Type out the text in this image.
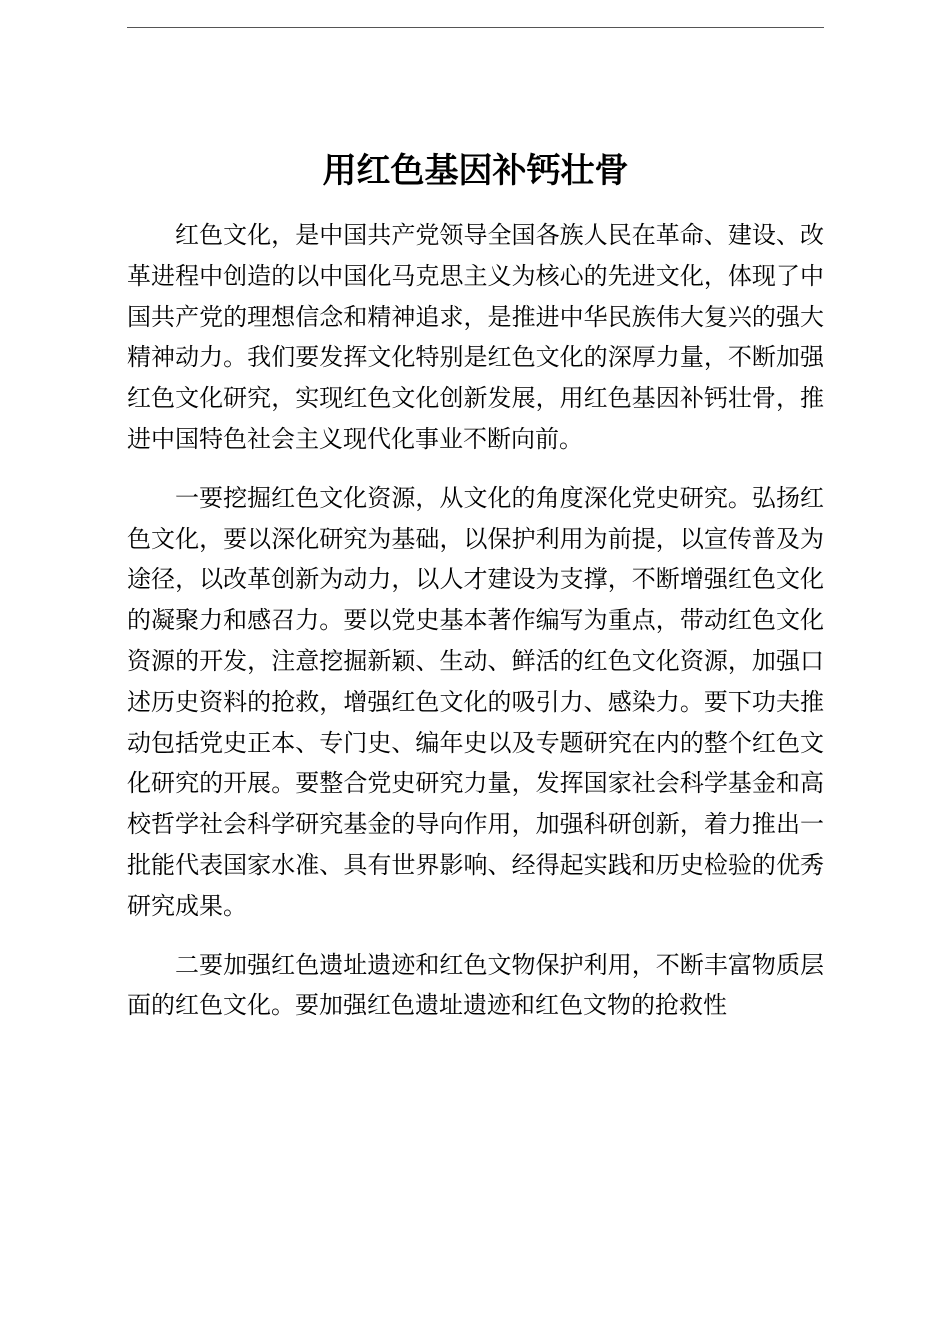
用红色基因补钙壮骨

红色文化，是中国共产党领导全国各族人民在革命、建设、改革进程中创造的以中国化马克思主义为核心的先进文化，体现了中国共产党的理想信念和精神追求，是推进中华民族伟大复兴的强大精神动力。我们要发挥文化特别是红色文化的深厚力量，不断加强红色文化研究，实现红色文化创新发展，用红色基因补钙壮骨，推进中国特色社会主义现代化事业不断向前。

一要挖掘红色文化资源，从文化的角度深化党史研究。弘扬红色文化，要以深化研究为基础，以保护利用为前提，以宣传普及为途径，以改革创新为动力，以人才建设为支撑，不断增强红色文化的凝聚力和感召力。要以党史基本著作编写为重点，带动红色文化资源的开发，注意挖掘新颖、生动、鲜活的红色文化资源，加强口述历史资料的抢救，增强红色文化的吸引力、感染力。要下功夫推动包括党史正本、专门史、编年史以及专题研究在内的整个红色文化研究的开展。要整合党史研究力量，发挥国家社会科学基金和高校哲学社会科学研究基金的导向作用，加强科研创新，着力推出一批能代表国家水准、具有世界影响、经得起实践和历史检验的优秀研究成果。

二要加强红色遗址遗迹和红色文物保护利用，不断丰富物质层面的红色文化。要加强红色遗址遗迹和红色文物的抢救性
